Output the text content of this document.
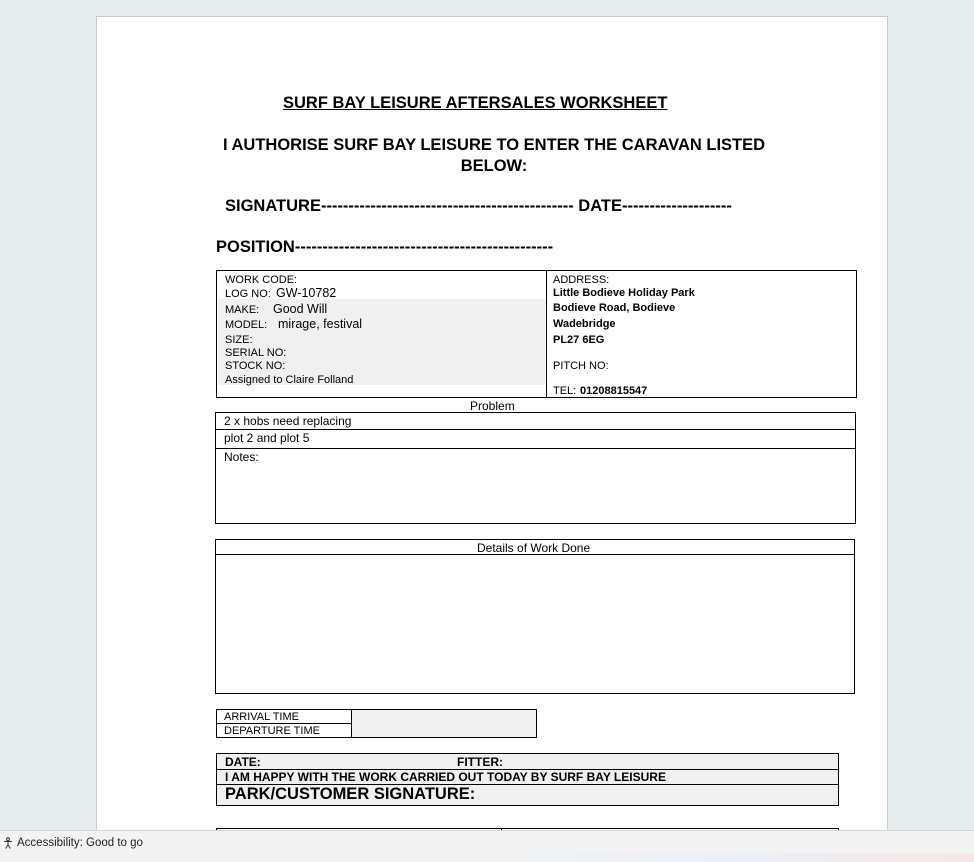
SURF BAY LEISURE AFTERSALES WORKSHEET
I AUTHORISE SURF BAY LEISURE TO ENTER THE CARAVAN LISTED BELOW:
SIGNATURE---------------------------------------------- DATE--------------------
POSITION-----------------------------------------------
WORK CODE:
LOG NO: GW-10782
MAKE: Good Will
MODEL: mirage, festival
SIZE:
SERIAL NO:
STOCK NO:
Assigned to Claire Folland
ADDRESS:
Little Bodieve Holiday Park
Bodieve Road, Bodieve
Wadebridge
PL27 6EG
PITCH NO:
TEL: 01208815547
Problem
2 x hobs need replacing
plot 2 and plot 5
Notes:
Details of Work Done
ARRIVAL TIME
DEPARTURE TIME
DATE:	FITTER:
I AM HAPPY WITH THE WORK CARRIED OUT TODAY BY SURF BAY LEISURE
PARK/CUSTOMER SIGNATURE:
Accessibility: Good to go
